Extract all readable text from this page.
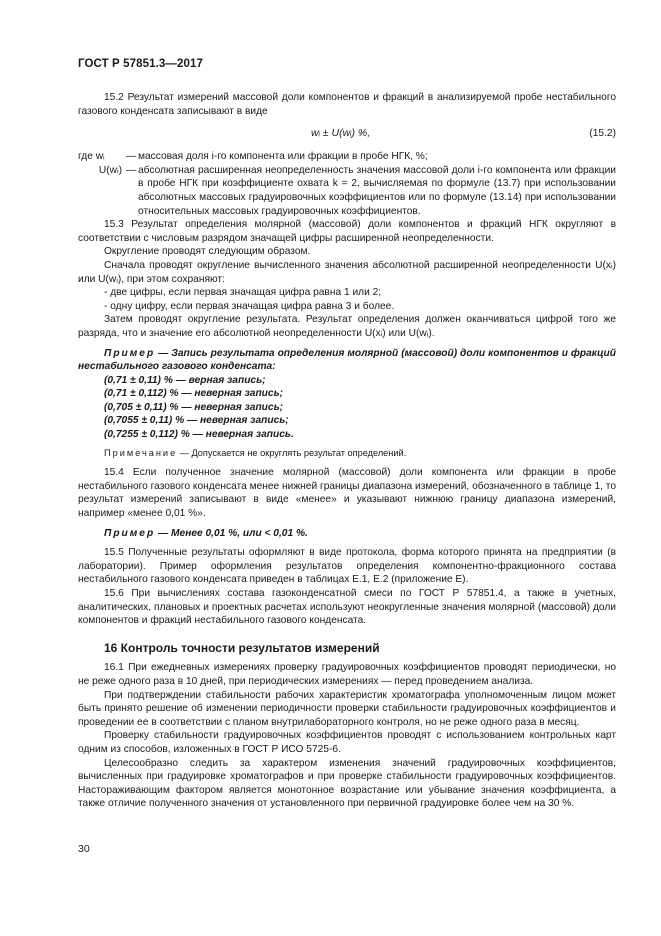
ГОСТ Р 57851.3—2017

15.2 Результат измерений массовой доли компонентов и фракций в анализируемой пробе нестабильного газового конденсата записывают в виде

wᵢ ± U(wᵢ) %,	(15.2)
где wᵢ	— массовая доля i-го компонента или фракции в пробе НГК, %;
U(wᵢ) — абсолютная расширенная неопределенность значения массовой доли i-го компонента или фракции в пробе НГК при коэффициенте охвата k = 2, вычисляемая по формуле (13.7) при использовании абсолютных массовых градуировочных коэффициентов или по формуле (13.14) при использовании относительных массовых градуировочных коэффициентов.

15.3 Результат определения молярной (массовой) доли компонентов и фракций НГК округляют в соответствии с числовым разрядом значащей цифры расширенной неопределенности.

Округление проводят следующим образом.

Сначала проводят округление вычисленного значения абсолютной расширенной неопределенности U(xᵢ) или U(wᵢ), при этом сохраняют:

- две цифры, если первая значащая цифра равна 1 или 2;

- одну цифру, если первая значащая цифра равна 3 и более.

Затем проводят округление результата. Результат определения должен оканчиваться цифрой того же разряда, что и значение его абсолютной неопределенности U(xᵢ) или U(wᵢ).

Пример — Запись результата определения молярной (массовой) доли компонентов и фракций нестабильного газового конденсата:

(0,71 ± 0,11) % — верная запись;

(0,71 ± 0,112) % — неверная запись;

(0,705 ± 0,11) % — неверная запись;

(0,7055 ± 0,11) % — неверная запись;

(0,7255 ± 0,112) % — неверная запись.

Примечание — Допускается не округлять результат определений.

15.4 Если полученное значение молярной (массовой) доли компонента или фракции в пробе нестабильного газового конденсата менее нижней границы диапазона измерений, обозначенного в таблице 1, то результат измерений записывают в виде «менее» и указывают нижнюю границу диапазона измерений, например «менее 0,01 %».

Пример — Менее 0,01 %, или < 0,01 %.

15.5 Полученные результаты оформляют в виде протокола, форма которого принята на предприятии (в лаборатории). Пример оформления результатов определения компонентно-фракционного состава нестабильного газового конденсата приведен в таблицах Е.1, Е.2 (приложение Е).

15.6 При вычислениях состава газоконденсатной смеси по ГОСТ Р 57851.4, а также в учетных, аналитических, плановых и проектных расчетах используют неокругленные значения молярной (массовой) доли компонентов и фракций нестабильного газового конденсата.

16 Контроль точности результатов измерений

16.1 При ежедневных измерениях проверку градуировочных коэффициентов проводят периодически, но не реже одного раза в 10 дней, при периодических измерениях — перед проведением анализа.

При подтверждении стабильности рабочих характеристик хроматографа уполномоченным лицом может быть принято решение об изменении периодичности проверки стабильности градуировочных коэффициентов и проведении ее в соответствии с планом внутрилабораторного контроля, но не реже одного раза в месяц.

Проверку стабильности градуировочных коэффициентов проводят с использованием контрольных карт одним из способов, изложенных в ГОСТ Р ИСО 5725-6.

Целесообразно следить за характером изменения значений градуировочных коэффициентов, вычисленных при градуировке хроматографов и при проверке стабильности градуировочных коэффициентов. Настораживающим фактором является монотонное возрастание или убывание значения коэффициента, а также отличие полученного значения от установленного при первичной градуировке более чем на 30 %.

30
